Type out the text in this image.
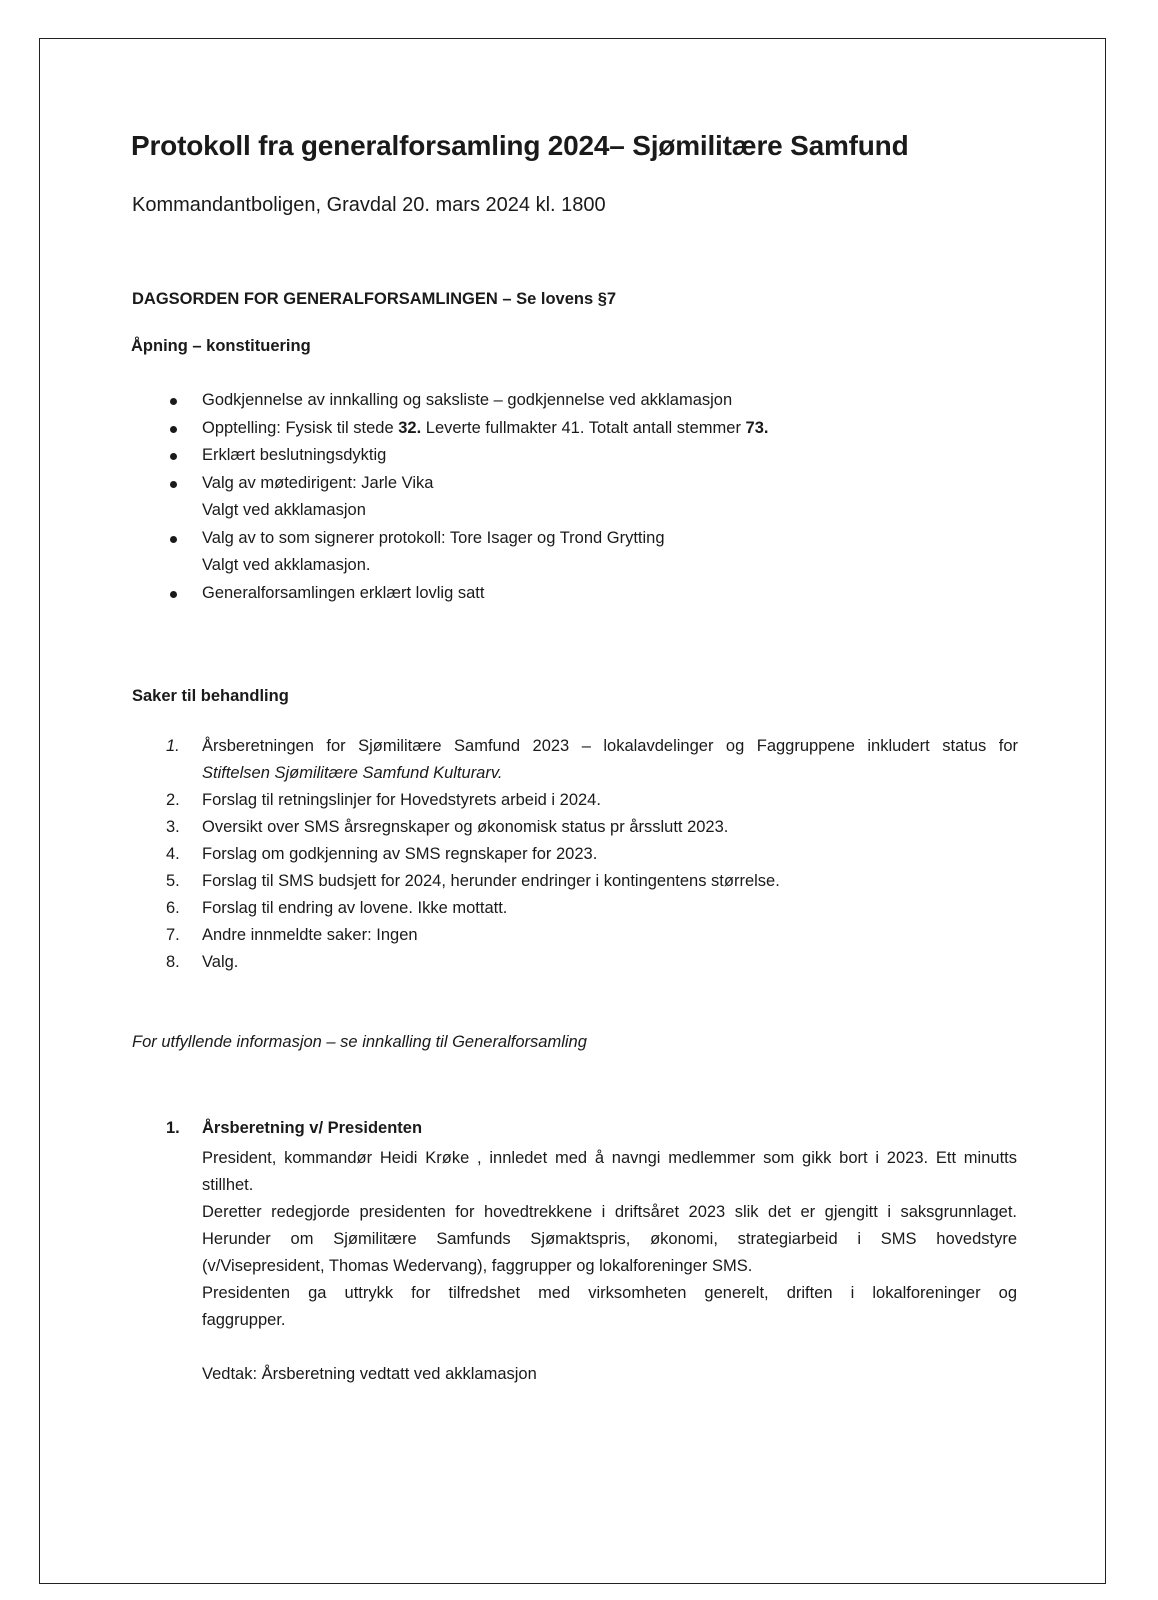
Protokoll fra generalforsamling 2024– Sjømilitære Samfund

Kommandantboligen, Gravdal 20. mars 2024 kl. 1800

DAGSORDEN FOR GENERALFORSAMLINGEN – Se lovens §7

Åpning – konstituering

Godkjennelse av innkalling og saksliste – godkjennelse ved akklamasjon
Opptelling: Fysisk til stede 32. Leverte fullmakter 41. Totalt antall stemmer 73.
Erklært beslutningsdyktig
Valg av møtedirigent: Jarle Vika
Valgt ved akklamasjon
Valg av to som signerer protokoll: Tore Isager og Trond Grytting
Valgt ved akklamasjon.
Generalforsamlingen erklært lovlig satt

Saker til behandling

1.	Årsberetningen for Sjømilitære Samfund 2023 – lokalavdelinger og Faggruppene inkludert status for
Stiftelsen Sjømilitære Samfund Kulturarv.
2.	Forslag til retningslinjer for Hovedstyrets arbeid i 2024.
3.	Oversikt over SMS årsregnskaper og økonomisk status pr årsslutt 2023.
4.	Forslag om godkjenning av SMS regnskaper for 2023.
5.	Forslag til SMS budsjett for 2024, herunder endringer i kontingentens størrelse.
6.	Forslag til endring av lovene. Ikke mottatt.
7.	Andre innmeldte saker: Ingen
8.	Valg.

For utfyllende informasjon – se innkalling til Generalforsamling

1. Årsberetning v/ Presidenten

President, kommandør Heidi Krøke , innledet med å navngi medlemmer som gikk bort i 2023. Ett minutts

stillhet.

Deretter redegjorde presidenten for hovedtrekkene i driftsåret 2023 slik det er gjengitt i saksgrunnlaget.

Herunder om Sjømilitære Samfunds Sjømaktspris, økonomi, strategiarbeid i SMS hovedstyre

(v/Visepresident, Thomas Wedervang), faggrupper og lokalforeninger SMS.

Presidenten ga uttrykk for tilfredshet med virksomheten generelt, driften i lokalforeninger og

faggrupper.

Vedtak: Årsberetning vedtatt ved akklamasjon
